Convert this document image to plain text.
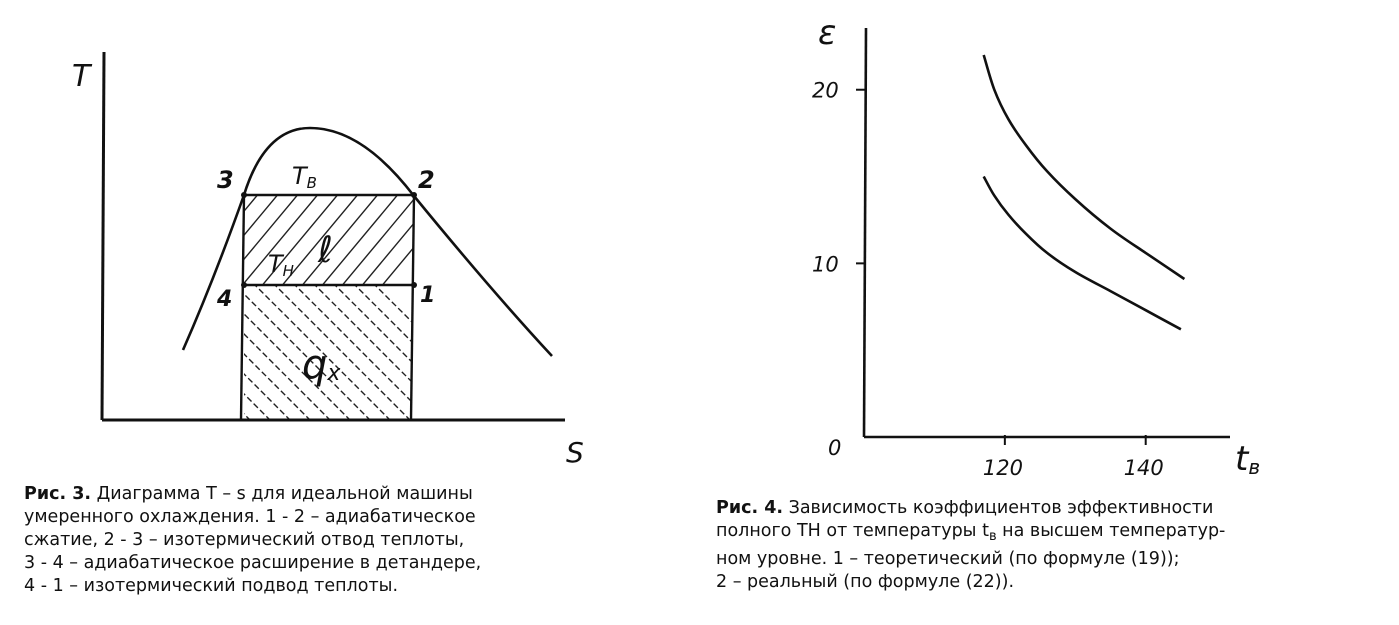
T
S
3	2
4	1
ТВ
ТН ℓ
qх
20
10
0
120	140
ε
tв

Рис. 3. Диаграмма T – s для идеальной машины
умеренного охлаждения. 1 - 2 – адиабатическое
сжатие, 2 - 3 – изотермический отвод теплоты,
3 - 4 – адиабатическое расширение в детандере,
4 - 1 – изотермический подвод теплоты.

Рис. 4. Зависимость коэффициентов эффективности
полного ТН от температуры $t_в$ на высшем температур-
ном уровне. 1 – теоретический (по формуле (19));
2 – реальный (по формуле (22)).
